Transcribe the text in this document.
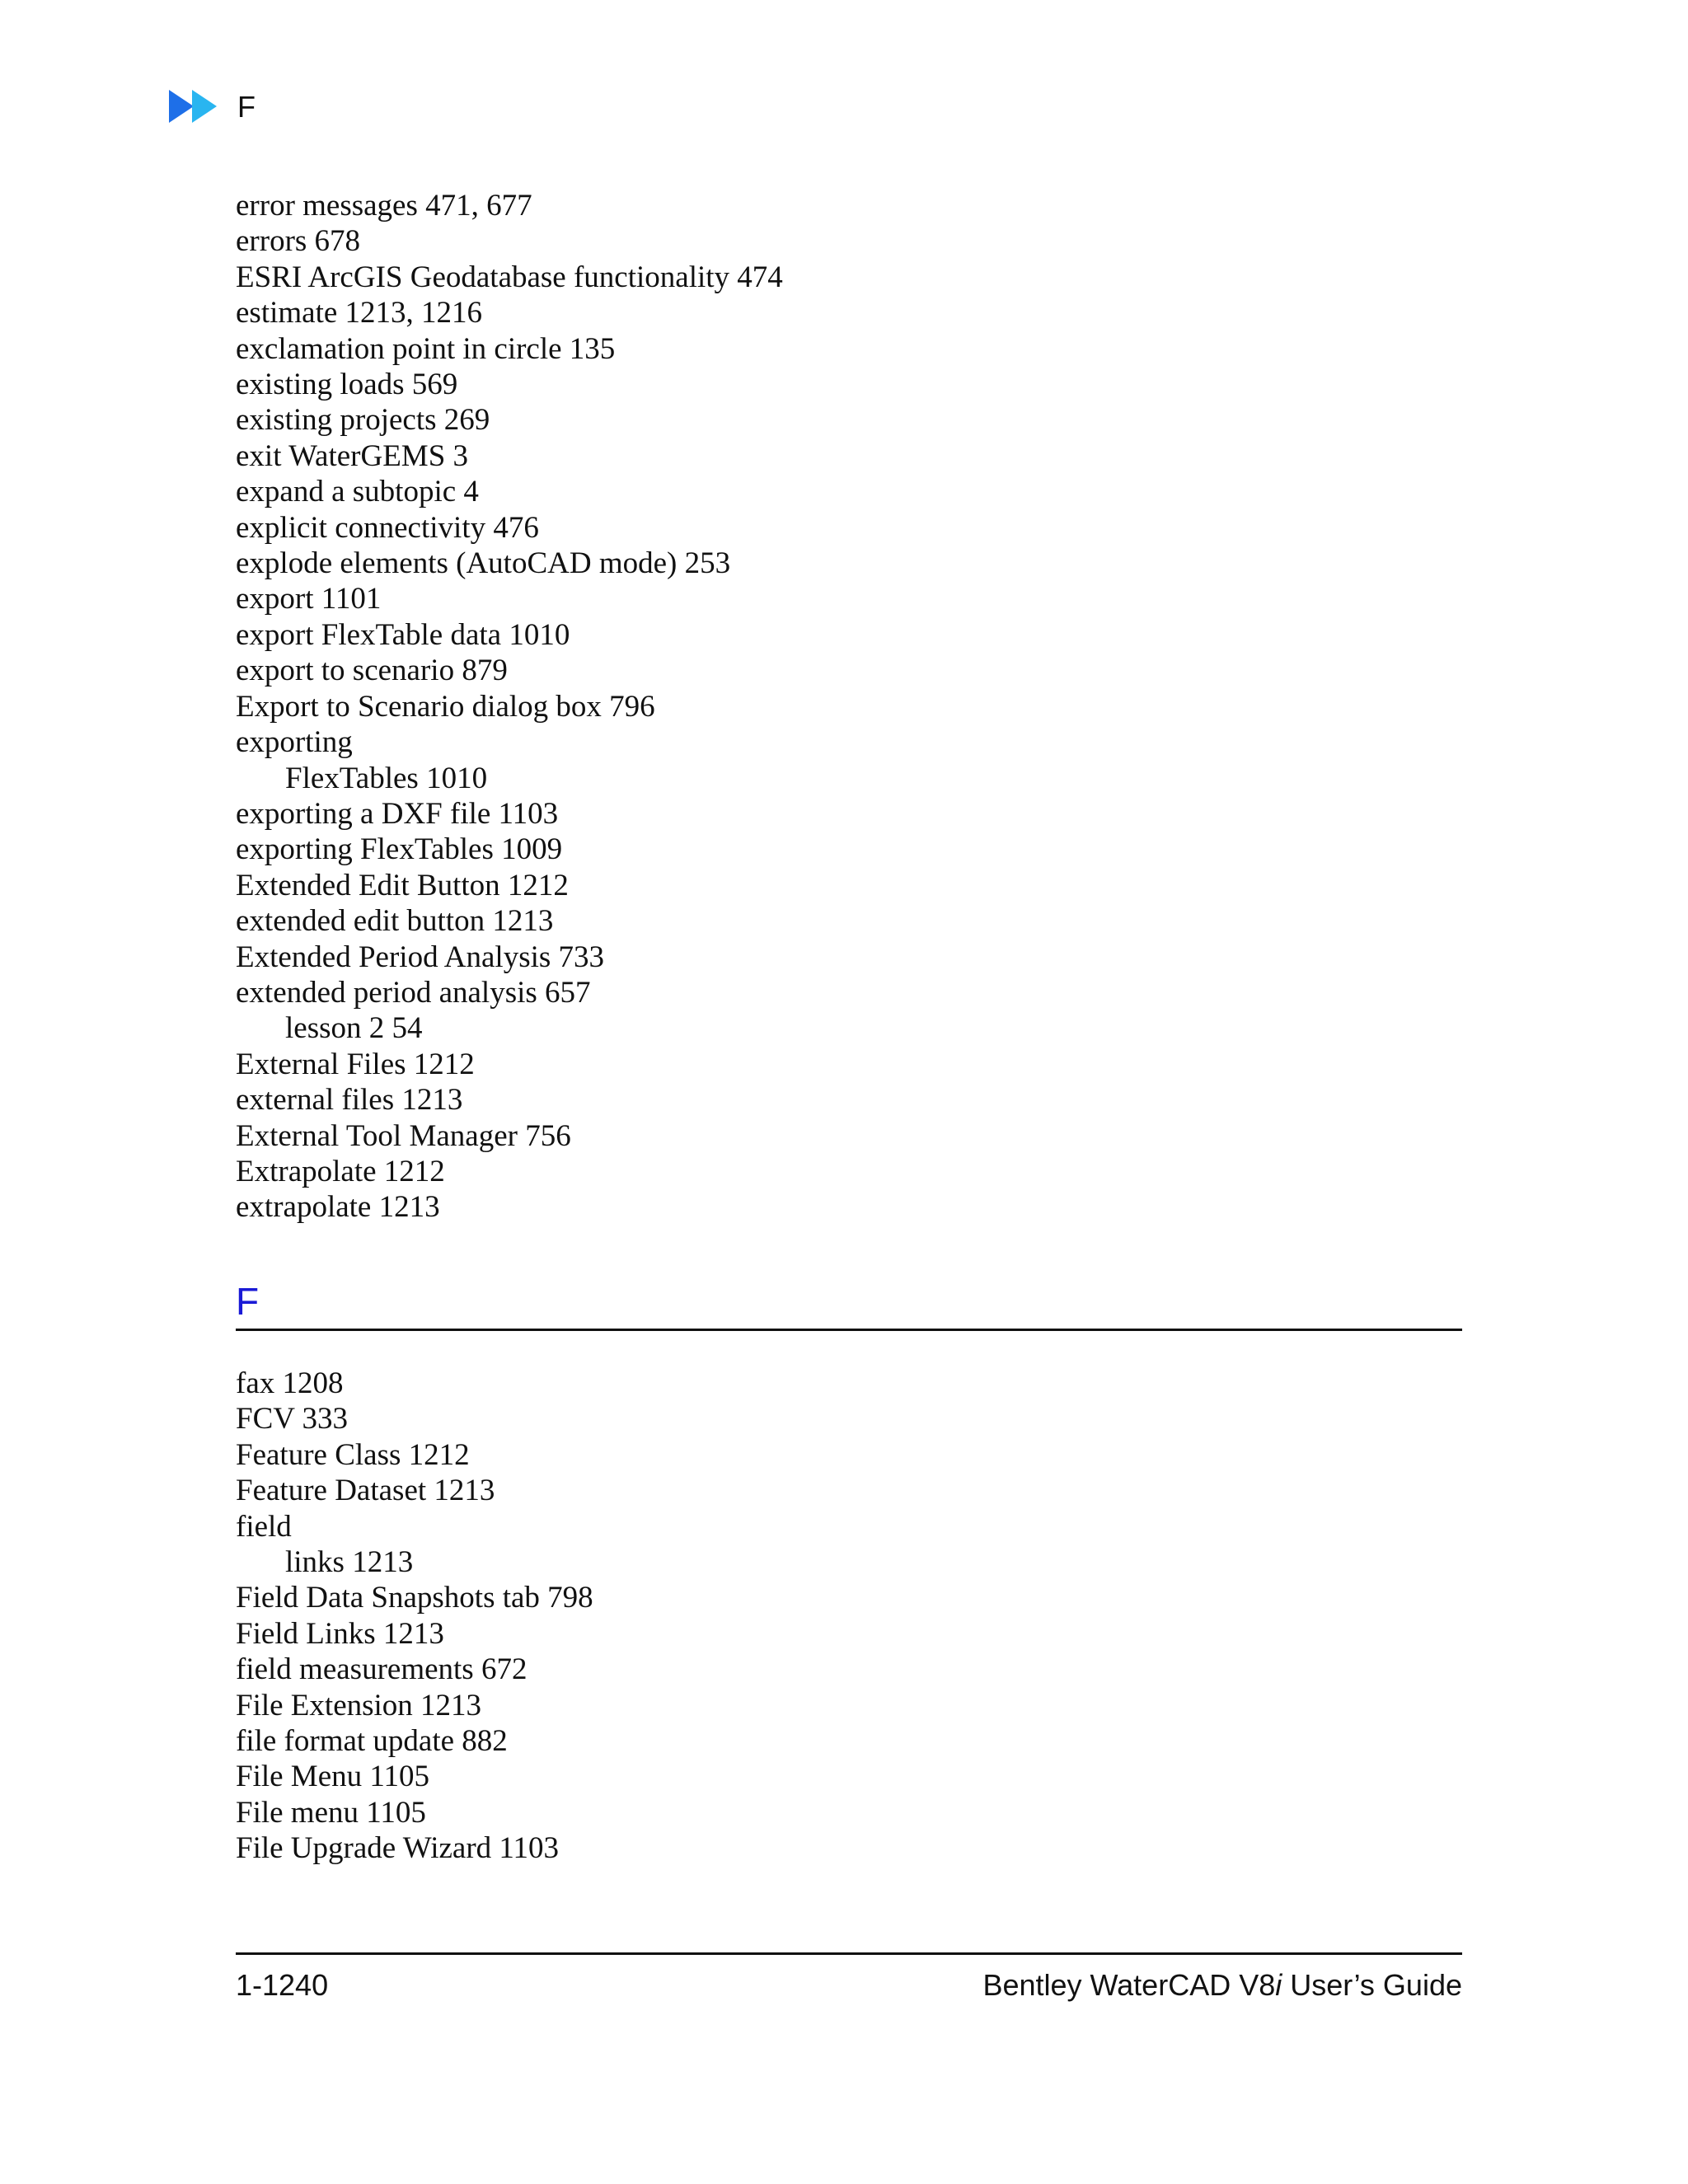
F
error messages 471, 677
errors 678
ESRI ArcGIS Geodatabase functionality 474
estimate 1213, 1216
exclamation point in circle 135
existing loads 569
existing projects 269
exit WaterGEMS 3
expand a subtopic 4
explicit connectivity 476
explode elements (AutoCAD mode) 253
export 1101
export FlexTable data 1010
export to scenario 879
Export to Scenario dialog box 796
exporting
FlexTables 1010
exporting a DXF file 1103
exporting FlexTables 1009
Extended Edit Button 1212
extended edit button 1213
Extended Period Analysis 733
extended period analysis 657
lesson 2 54
External Files 1212
external files 1213
External Tool Manager 756
Extrapolate 1212
extrapolate 1213
F
fax 1208
FCV 333
Feature Class 1212
Feature Dataset 1213
field
links 1213
Field Data Snapshots tab 798
Field Links 1213
field measurements 672
File Extension 1213
file format update 882
File Menu 1105
File menu 1105
File Upgrade Wizard 1103
1-1240	Bentley WaterCAD V8i User’s Guide
